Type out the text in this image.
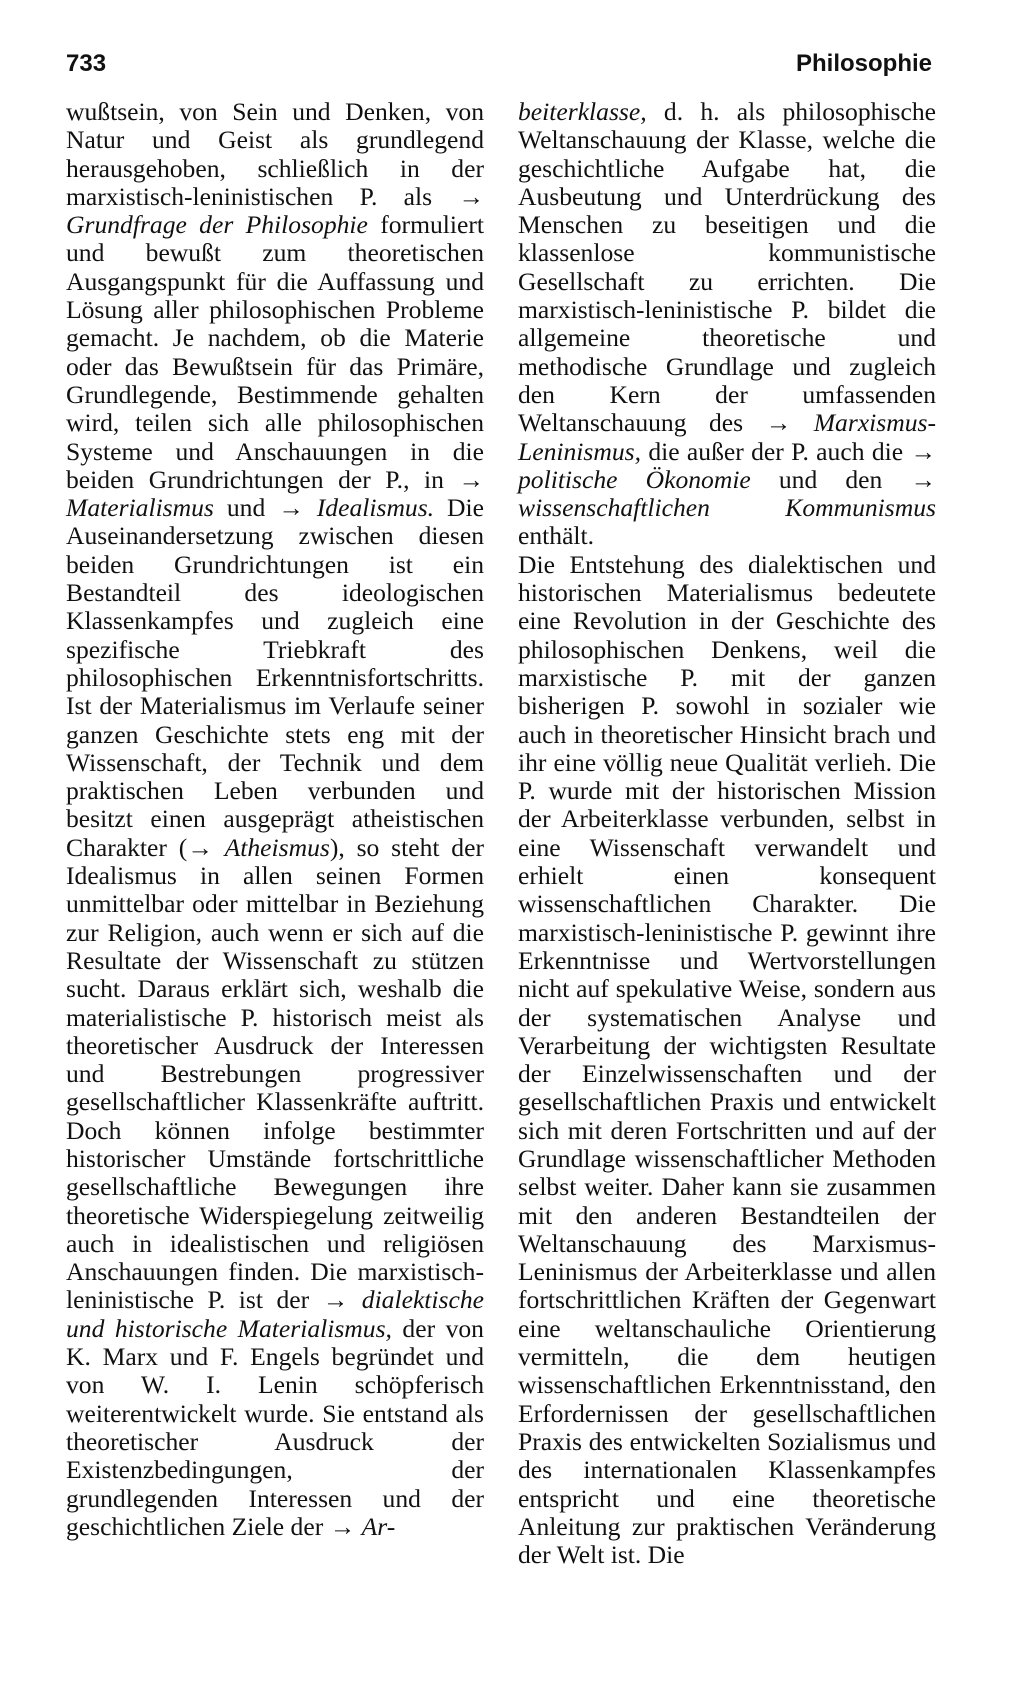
733	Philosophie

wußtsein, von Sein und Denken, von Natur und Geist als grundlegend herausgehoben, schließlich in der marxistisch-leninistischen P. als → Grundfrage der Philosophie formuliert und bewußt zum theoretischen Ausgangspunkt für die Auffassung und Lösung aller philosophischen Probleme gemacht. Je nachdem, ob die Materie oder das Bewußtsein für das Primäre, Grundlegende, Bestimmende gehalten wird, teilen sich alle philosophischen Systeme und Anschauungen in die beiden Grundrichtungen der P., in → Materialismus und → Idealismus. Die Auseinandersetzung zwischen diesen beiden Grundrichtungen ist ein Bestandteil des ideologischen Klassenkampfes und zugleich eine spezifische Triebkraft des philosophischen Erkenntnisfortschritts. Ist der Materialismus im Verlaufe seiner ganzen Geschichte stets eng mit der Wissenschaft, der Technik und dem praktischen Leben verbunden und besitzt einen ausgeprägt atheistischen Charakter (→ Atheismus), so steht der Idealismus in allen seinen Formen unmittelbar oder mittelbar in Beziehung zur Religion, auch wenn er sich auf die Resultate der Wissenschaft zu stützen sucht. Daraus erklärt sich, weshalb die materialistische P. historisch meist als theoretischer Ausdruck der Interessen und Bestrebungen progressiver gesellschaftlicher Klassenkräfte auftritt. Doch können infolge bestimmter historischer Umstände fortschrittliche gesellschaftliche Bewegungen ihre theoretische Widerspiegelung zeitweilig auch in idealistischen und religiösen Anschauungen finden. Die marxistisch-leninistische P. ist der → dialektische und historische Materialismus, der von K. Marx und F. Engels begründet und von W. I. Lenin schöpferisch weiterentwickelt wurde. Sie entstand als theoretischer Ausdruck der Existenzbedingungen, der grundlegenden Interessen und der geschichtlichen Ziele der → Ar-

beiterklasse, d. h. als philosophische Weltanschauung der Klasse, welche die geschichtliche Aufgabe hat, die Ausbeutung und Unterdrückung des Menschen zu beseitigen und die klassenlose kommunistische Gesellschaft zu errichten. Die marxistisch-leninistische P. bildet die allgemeine theoretische und methodische Grundlage und zugleich den Kern der umfassenden Weltanschauung des → Marxismus-Leninismus, die außer der P. auch die → politische Ökonomie und den → wissenschaftlichen Kommunismus enthält.

Die Entstehung des dialektischen und historischen Materialismus bedeutete eine Revolution in der Geschichte des philosophischen Denkens, weil die marxistische P. mit der ganzen bisherigen P. sowohl in sozialer wie auch in theoretischer Hinsicht brach und ihr eine völlig neue Qualität verlieh. Die P. wurde mit der historischen Mission der Arbeiterklasse verbunden, selbst in eine Wissenschaft verwandelt und erhielt einen konsequent wissenschaftlichen Charakter. Die marxistisch-leninistische P. gewinnt ihre Erkenntnisse und Wertvorstellungen nicht auf spekulative Weise, sondern aus der systematischen Analyse und Verarbeitung der wichtigsten Resultate der Einzelwissenschaften und der gesellschaftlichen Praxis und entwickelt sich mit deren Fortschritten und auf der Grundlage wissenschaftlicher Methoden selbst weiter. Daher kann sie zusammen mit den anderen Bestandteilen der Weltanschauung des Marxismus-Leninismus der Arbeiterklasse und allen fortschrittlichen Kräften der Gegenwart eine weltanschauliche Orientierung vermitteln, die dem heutigen wissenschaftlichen Erkenntnisstand, den Erfordernissen der gesellschaftlichen Praxis des entwickelten Sozialismus und des internationalen Klassenkampfes entspricht und eine theoretische Anleitung zur praktischen Veränderung der Welt ist. Die
